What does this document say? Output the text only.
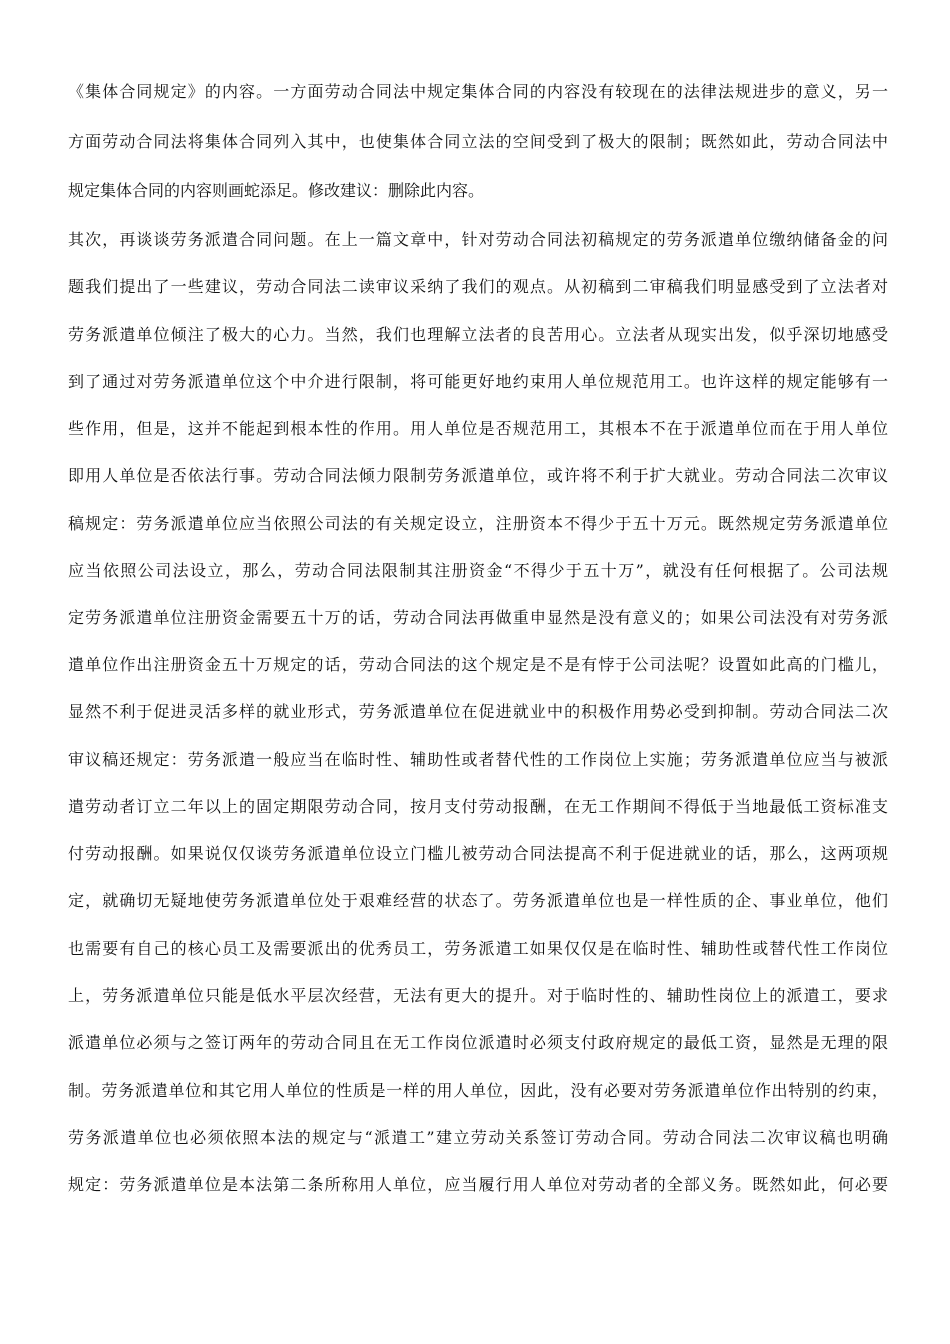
《集体合同规定》的内容。一方面劳动合同法中规定集体合同的内容没有较现在的法律法规进步的意义，另一
方面劳动合同法将集体合同列入其中，也使集体合同立法的空间受到了极大的限制；既然如此，劳动合同法中
规定集体合同的内容则画蛇添足。修改建议：删除此内容。
其次，再谈谈劳务派遣合同问题。在上一篇文章中，针对劳动合同法初稿规定的劳务派遣单位缴纳储备金的问
题我们提出了一些建议，劳动合同法二读审议采纳了我们的观点。从初稿到二审稿我们明显感受到了立法者对
劳务派遣单位倾注了极大的心力。当然，我们也理解立法者的良苦用心。立法者从现实出发，似乎深切地感受
到了通过对劳务派遣单位这个中介进行限制，将可能更好地约束用人单位规范用工。也许这样的规定能够有一
些作用，但是，这并不能起到根本性的作用。用人单位是否规范用工，其根本不在于派遣单位而在于用人单位
即用人单位是否依法行事。劳动合同法倾力限制劳务派遣单位，或许将不利于扩大就业。劳动合同法二次审议
稿规定：劳务派遣单位应当依照公司法的有关规定设立，注册资本不得少于五十万元。既然规定劳务派遣单位
应当依照公司法设立，那么，劳动合同法限制其注册资金“不得少于五十万”，就没有任何根据了。公司法规
定劳务派遣单位注册资金需要五十万的话，劳动合同法再做重申显然是没有意义的；如果公司法没有对劳务派
遣单位作出注册资金五十万规定的话，劳动合同法的这个规定是不是有悖于公司法呢？设置如此高的门槛儿，
显然不利于促进灵活多样的就业形式，劳务派遣单位在促进就业中的积极作用势必受到抑制。劳动合同法二次
审议稿还规定：劳务派遣一般应当在临时性、辅助性或者替代性的工作岗位上实施；劳务派遣单位应当与被派
遣劳动者订立二年以上的固定期限劳动合同，按月支付劳动报酬，在无工作期间不得低于当地最低工资标准支
付劳动报酬。如果说仅仅谈劳务派遣单位设立门槛儿被劳动合同法提高不利于促进就业的话，那么，这两项规
定，就确切无疑地使劳务派遣单位处于艰难经营的状态了。劳务派遣单位也是一样性质的企、事业单位，他们
也需要有自己的核心员工及需要派出的优秀员工，劳务派遣工如果仅仅是在临时性、辅助性或替代性工作岗位
上，劳务派遣单位只能是低水平层次经营，无法有更大的提升。对于临时性的、辅助性岗位上的派遣工，要求
派遣单位必须与之签订两年的劳动合同且在无工作岗位派遣时必须支付政府规定的最低工资，显然是无理的限
制。劳务派遣单位和其它用人单位的性质是一样的用人单位，因此，没有必要对劳务派遣单位作出特别的约束，
劳务派遣单位也必须依照本法的规定与“派遣工”建立劳动关系签订劳动合同。劳动合同法二次审议稿也明确
规定：劳务派遣单位是本法第二条所称用人单位，应当履行用人单位对劳动者的全部义务。既然如此，何必要
